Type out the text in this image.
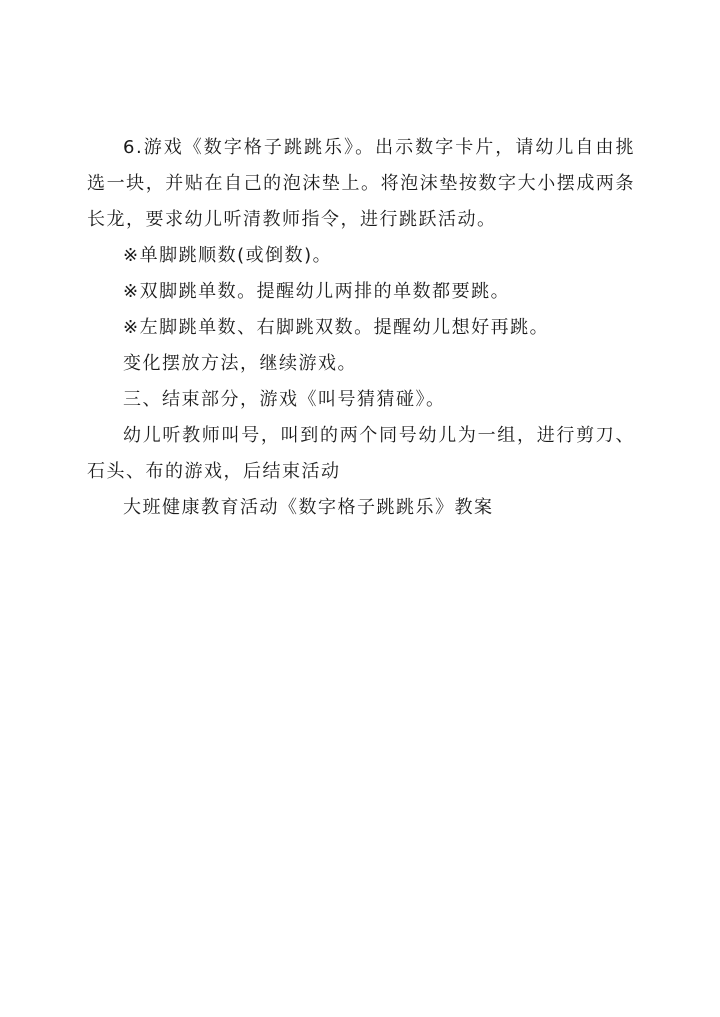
6.游戏《数字格子跳跳乐》。出示数字卡片，请幼儿自由挑选一块，并贴在自己的泡沫垫上。将泡沫垫按数字大小摆成两条长龙，要求幼儿听清教师指令，进行跳跃活动。

※单脚跳顺数(或倒数)。

※双脚跳单数。提醒幼儿两排的单数都要跳。

※左脚跳单数、右脚跳双数。提醒幼儿想好再跳。

变化摆放方法，继续游戏。

三、结束部分，游戏《叫号猜猜碰》。

幼儿听教师叫号，叫到的两个同号幼儿为一组，进行剪刀、石头、布的游戏，后结束活动

大班健康教育活动《数字格子跳跳乐》教案
